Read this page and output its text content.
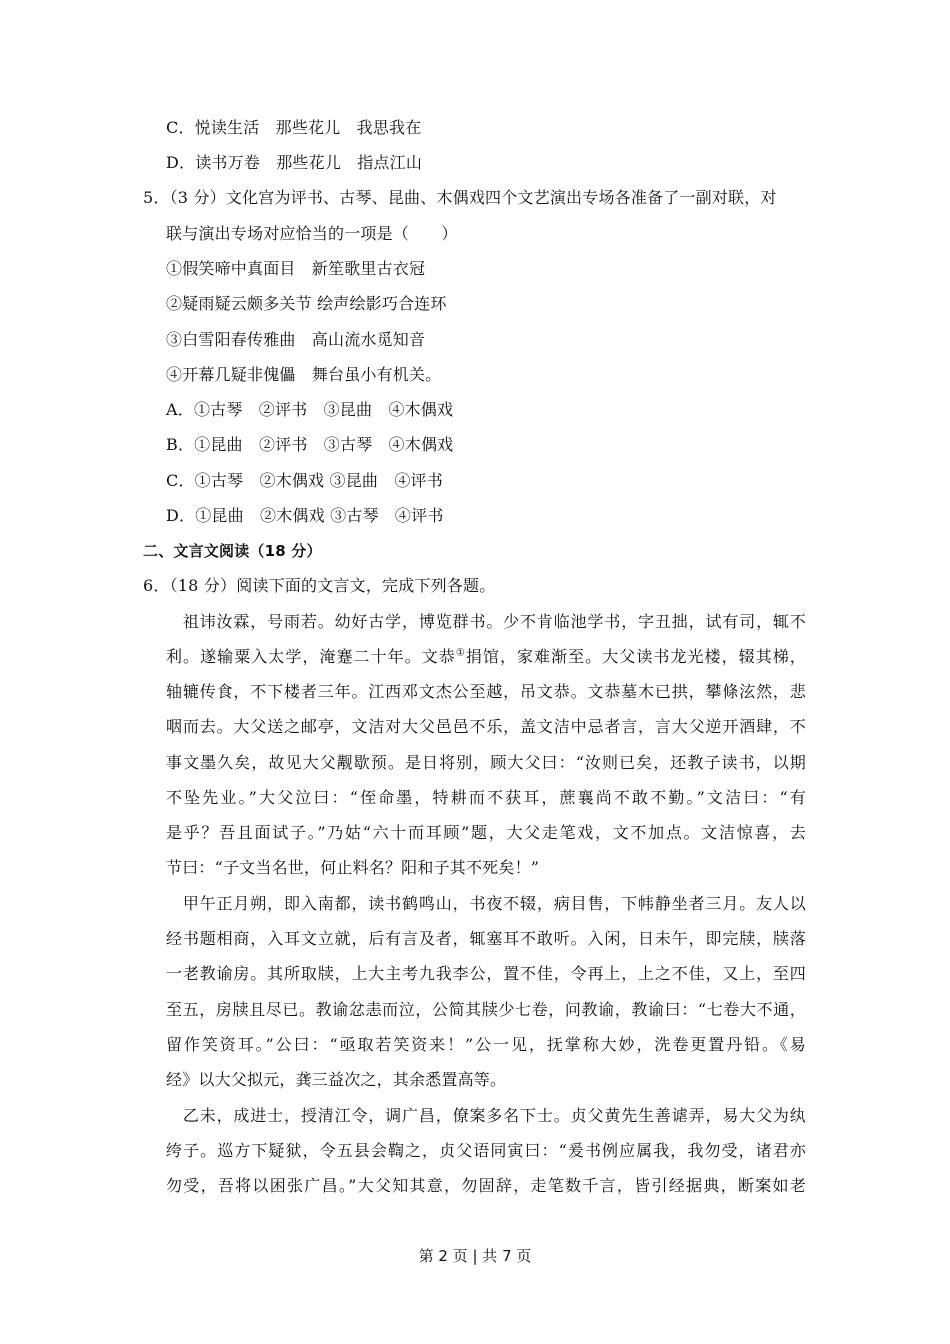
C．悦读生活　那些花儿　我思我在
D．读书万卷　那些花儿　指点江山
5．（3 分）文化宫为评书、古琴、昆曲、木偶戏四个文艺演出专场各准备了一副对联，对
联与演出专场对应恰当的一项是（　　）
①假笑啼中真面目　新笙歌里古衣冠
②疑雨疑云颇多关节 绘声绘影巧合连环
③白雪阳春传雅曲　高山流水觅知音
④开幕几疑非傀儡　舞台虽小有机关。
A．①古琴　②评书　③昆曲　④木偶戏
B．①昆曲　②评书　③古琴　④木偶戏
C．①古琴　②木偶戏 ③昆曲　④评书
D．①昆曲　②木偶戏 ③古琴　④评书
二、文言文阅读（18 分）
6．（18 分）阅读下面的文言文，完成下列各题。
　祖讳汝霖，号雨若。幼好古学，博览群书。少不肯临池学书，字丑拙，试有司，辄不
利。遂输粟入太学，淹蹇二十年。文恭①捐馆，家难渐至。大父读书龙光楼，辍其梯，
轴辘传食，不下楼者三年。江西邓文杰公至越，吊文恭。文恭墓木已拱，攀條泫然，悲
咽而去。大父送之邮亭，文洁对大父邑邑不乐，盖文洁中忌者言，言大父逆开酒肆，不
事文墨久矣，故见大父觏歇预。是日将别，顾大父曰：“汝则已矣，还教子读书，以期
不坠先业。”大父泣曰：“侄命墨，特耕而不获耳，蔗襄尚不敢不勤。”文洁曰：“有
是乎？吾且面试子。”乃姑“六十而耳顾”题，大父走笔戏，文不加点。文洁惊喜，去
节曰：“子文当名世，何止料名？阳和子其不死矣！”
　甲午正月朔，即入南都，读书鹤鸣山，书夜不辍，病目售，下帏静坐者三月。友人以
经书题相商，入耳文立就，后有言及者，辄塞耳不敢听。入闲，日未午，即完牍，牍落
一老教谕房。其所取牍，上大主考九我李公，置不佳，令再上，上之不佳，又上，至四
至五，房牍且尽已。教谕忿恚而泣，公简其牍少七卷，问教谕，教谕曰：“七卷大不通，
留作笑资耳。”公曰：“亟取若笑资来！”公一见，抚掌称大妙，洗卷更置丹铅。《易
经》以大父拟元，龚三益次之，其余悉置高等。
　乙未，成进士，授清江令，调广昌，僚案多名下士。贞父黄先生善谑弄，易大父为纨
绔子。巡方下疑狱，令五县会鞫之，贞父语同寅曰：“爰书例应属我，我勿受，诸君亦
勿受，吾将以困张广昌。”大父知其意，勿固辞，走笔数千言，皆引经据典，断案如老
第 2 页 | 共 7 页
